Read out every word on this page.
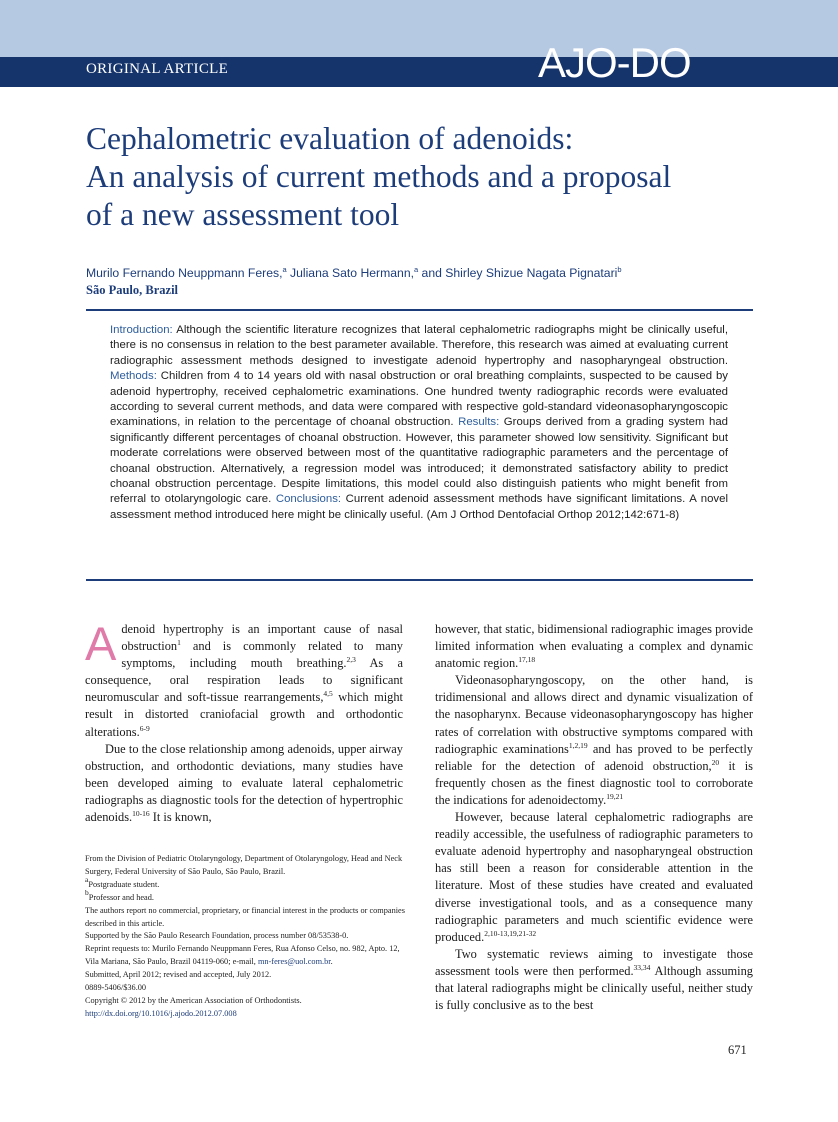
ORIGINAL ARTICLE	AJO-DO
Cephalometric evaluation of adenoids:
An analysis of current methods and a proposal
of a new assessment tool

Murilo Fernando Neuppmann Feres,$^a$ Juliana Sato Hermann,$^a$ and Shirley Shizue Nagata Pignatari$^b$

São Paulo, Brazil

Introduction: Although the scientific literature recognizes that lateral cephalometric radiographs might be clinically useful, there is no consensus in relation to the best parameter available. Therefore, this research was aimed at evaluating current radiographic assessment methods designed to investigate adenoid hypertrophy and nasopharyngeal obstruction. Methods: Children from 4 to 14 years old with nasal obstruction or oral breathing complaints, suspected to be caused by adenoid hypertrophy, received cephalometric examinations. One hundred twenty radiographic records were evaluated according to several current methods, and data were compared with respective gold-standard videonasopharyngoscopic examinations, in relation to the percentage of choanal obstruction. Results: Groups derived from a grading system had significantly different percentages of choanal obstruction. However, this parameter showed low sensitivity. Significant but moderate correlations were observed between most of the quantitative radiographic parameters and the percentage of choanal obstruction. Alternatively, a regression model was introduced; it demonstrated satisfactory ability to predict choanal obstruction percentage. Despite limitations, this model could also distinguish patients who might benefit from referral to otolaryngologic care. Conclusions: Current adenoid assessment methods have significant limitations. A novel assessment method introduced here might be clinically useful. (Am J Orthod Dentofacial Orthop 2012;142:671-8)

Adenoid hypertrophy is an important cause of nasal obstruction$^1$ and is commonly related to many symptoms, including mouth breathing.$^{2,3}$ As a consequence, oral respiration leads to significant neuromuscular and soft-tissue rearrangements,$^{4,5}$ which might result in distorted craniofacial growth and orthodontic alterations.$^{6-9}$

Due to the close relationship among adenoids, upper airway obstruction, and orthodontic deviations, many studies have been developed aiming to evaluate lateral cephalometric radiographs as diagnostic tools for the detection of hypertrophic adenoids.$^{10-16}$ It is known,

however, that static, bidimensional radiographic images provide limited information when evaluating a complex and dynamic anatomic region.$^{17,18}$

Videonasopharyngoscopy, on the other hand, is tridimensional and allows direct and dynamic visualization of the nasopharynx. Because videonasopharyngoscopy has higher rates of correlation with obstructive symptoms compared with radiographic examinations$^{1,2,19}$ and has proved to be perfectly reliable for the detection of adenoid obstruction,$^{20}$ it is frequently chosen as the finest diagnostic tool to corroborate the indications for adenoidectomy.$^{19,21}$

However, because lateral cephalometric radiographs are readily accessible, the usefulness of radiographic parameters to evaluate adenoid hypertrophy and nasopharyngeal obstruction has still been a reason for considerable attention in the literature. Most of these studies have created and evaluated diverse investigational tools, and as a consequence many radiographic parameters and much scientific evidence were produced.$^{2,10-13,19,21-32}$

Two systematic reviews aiming to investigate those assessment tools were then performed.$^{33,34}$ Although assuming that lateral radiographs might be clinically useful, neither study is fully conclusive as to the best

From the Division of Pediatric Otolaryngology, Department of Otolaryngology, Head and Neck Surgery, Federal University of São Paulo, São Paulo, Brazil.
$^a$Postgraduate student.
$^b$Professor and head.
The authors report no commercial, proprietary, or financial interest in the products or companies described in this article.
Supported by the São Paulo Research Foundation, process number 08/53538-0.
Reprint requests to: Murilo Fernando Neuppmann Feres, Rua Afonso Celso, no. 982, Apto. 12, Vila Mariana, São Paulo, Brazil 04119-060; e-mail, mn-feres@uol.com.br.
Submitted, April 2012; revised and accepted, July 2012.
0889-5406/$36.00
Copyright © 2012 by the American Association of Orthodontists.
http://dx.doi.org/10.1016/j.ajodo.2012.07.008
671
